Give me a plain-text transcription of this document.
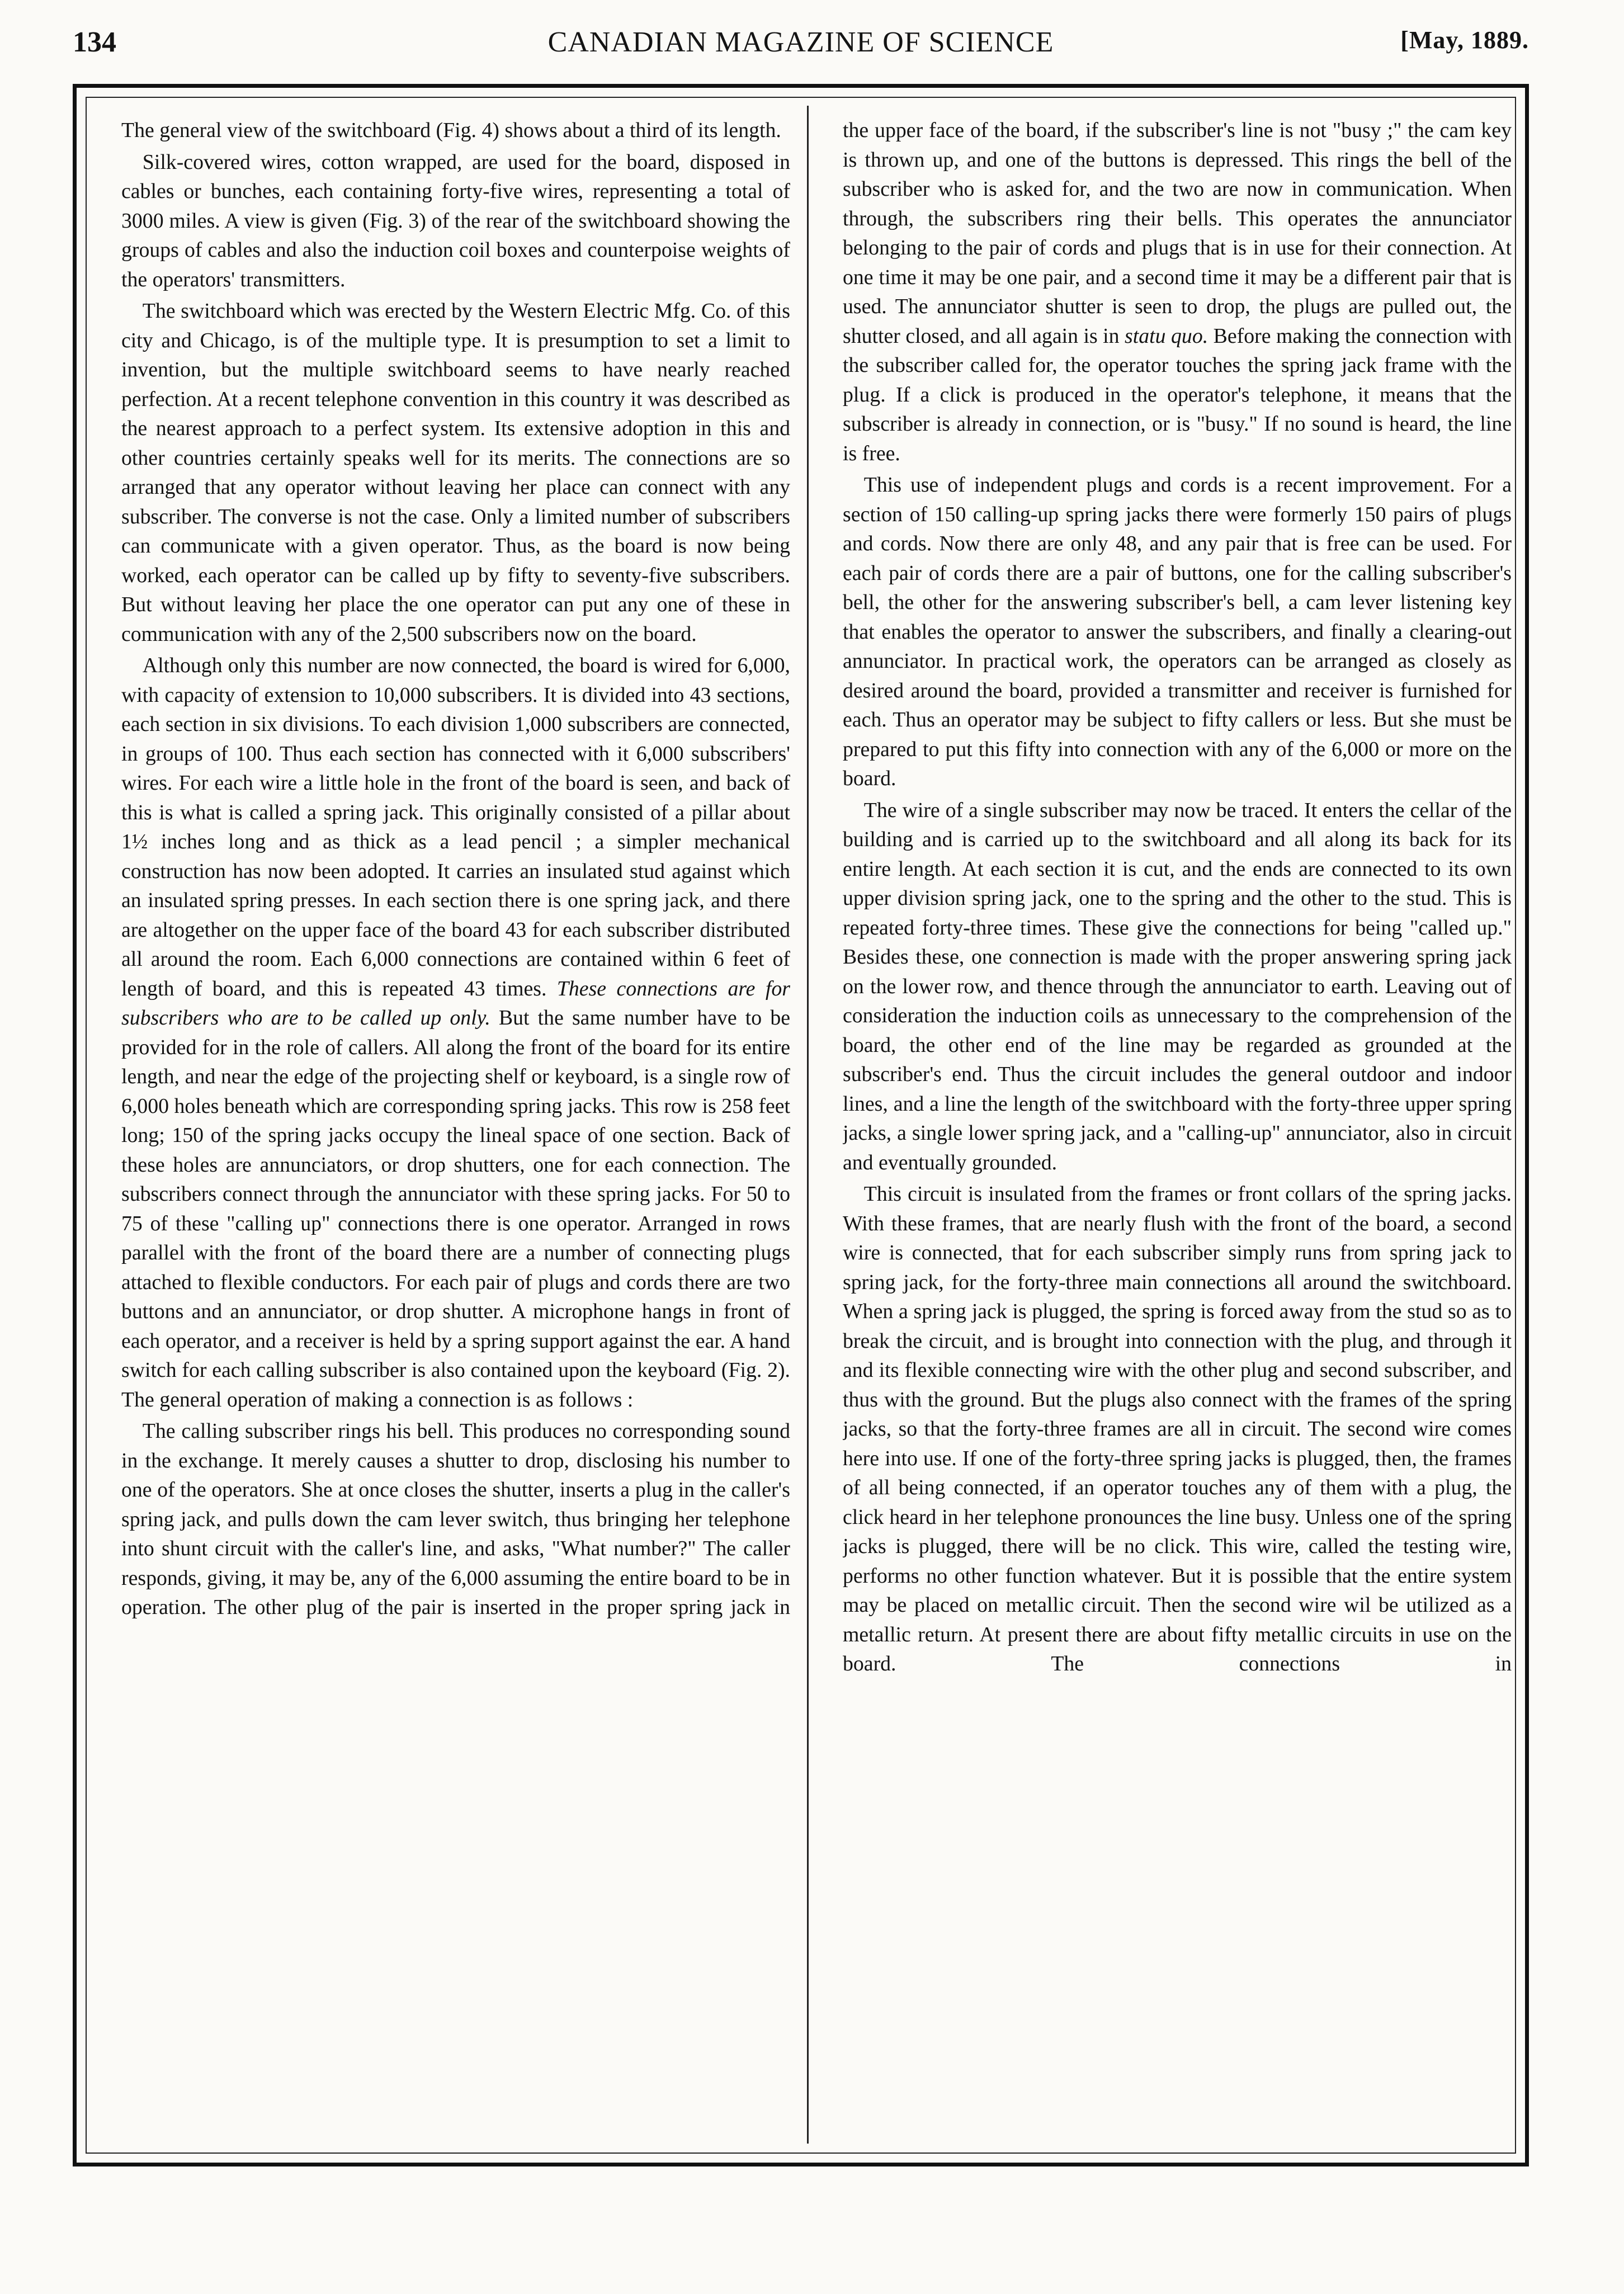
134	CANADIAN MAGAZINE OF SCIENCE	[May, 1889.

The general view of the switchboard (Fig. 4) shows about a third of its length.

Silk-covered wires, cotton wrapped, are used for the board, disposed in cables or bunches, each containing forty-five wires, representing a total of 3000 miles. A view is given (Fig. 3) of the rear of the switchboard showing the groups of cables and also the induction coil boxes and counterpoise weights of the operators' transmitters.

The switchboard which was erected by the Western Electric Mfg. Co. of this city and Chicago, is of the multiple type. It is presumption to set a limit to invention, but the multiple switchboard seems to have nearly reached perfection. At a recent telephone convention in this country it was described as the nearest approach to a perfect system. Its extensive adoption in this and other countries certainly speaks well for its merits. The connections are so arranged that any operator without leaving her place can connect with any subscriber. The converse is not the case. Only a limited number of subscribers can communicate with a given operator. Thus, as the board is now being worked, each operator can be called up by fifty to seventy-five subscribers. But without leaving her place the one operator can put any one of these in communication with any of the 2,500 subscribers now on the board.

Although only this number are now connected, the board is wired for 6,000, with capacity of extension to 10,000 subscribers. It is divided into 43 sections, each section in six divisions. To each division 1,000 subscribers are connected, in groups of 100. Thus each section has connected with it 6,000 subscribers' wires. For each wire a little hole in the front of the board is seen, and back of this is what is called a spring jack. This originally consisted of a pillar about 1½ inches long and as thick as a lead pencil ; a simpler mechanical construction has now been adopted. It carries an insulated stud against which an insulated spring presses. In each section there is one spring jack, and there are altogether on the upper face of the board 43 for each subscriber distributed all around the room. Each 6,000 connections are contained within 6 feet of length of board, and this is repeated 43 times. These connections are for subscribers who are to be called up only. But the same number have to be provided for in the role of callers. All along the front of the board for its entire length, and near the edge of the projecting shelf or keyboard, is a single row of 6,000 holes beneath which are corresponding spring jacks. This row is 258 feet long; 150 of the spring jacks occupy the lineal space of one section. Back of these holes are annunciators, or drop shutters, one for each connection. The subscribers connect through the annunciator with these spring jacks. For 50 to 75 of these "calling up" connections there is one operator. Arranged in rows parallel with the front of the board there are a number of connecting plugs attached to flexible conductors. For each pair of plugs and cords there are two buttons and an annunciator, or drop shutter. A microphone hangs in front of each operator, and a receiver is held by a spring support against the ear. A hand switch for each calling subscriber is also contained upon the keyboard (Fig. 2). The general operation of making a connection is as follows :

The calling subscriber rings his bell. This produces no corresponding sound in the exchange. It merely causes a shutter to drop, disclosing his number to one of the operators. She at once closes the shutter, inserts a plug in the caller's spring jack, and pulls down the cam lever switch, thus bringing her telephone into shunt circuit with the caller's line, and asks, "What number?" The caller responds, giving, it may be, any of the 6,000 assuming the entire board to be in operation. The other plug of the pair is inserted in the proper spring jack in

the upper face of the board, if the subscriber's line is not "busy ;" the cam key is thrown up, and one of the buttons is depressed. This rings the bell of the subscriber who is asked for, and the two are now in communication. When through, the subscribers ring their bells. This operates the annunciator belonging to the pair of cords and plugs that is in use for their connection. At one time it may be one pair, and a second time it may be a different pair that is used. The annunciator shutter is seen to drop, the plugs are pulled out, the shutter closed, and all again is in statu quo. Before making the connection with the subscriber called for, the operator touches the spring jack frame with the plug. If a click is produced in the operator's telephone, it means that the subscriber is already in connection, or is "busy." If no sound is heard, the line is free.

This use of independent plugs and cords is a recent improvement. For a section of 150 calling-up spring jacks there were formerly 150 pairs of plugs and cords. Now there are only 48, and any pair that is free can be used. For each pair of cords there are a pair of buttons, one for the calling subscriber's bell, the other for the answering subscriber's bell, a cam lever listening key that enables the operator to answer the subscribers, and finally a clearing-out annunciator. In practical work, the operators can be arranged as closely as desired around the board, provided a transmitter and receiver is furnished for each. Thus an operator may be subject to fifty callers or less. But she must be prepared to put this fifty into connection with any of the 6,000 or more on the board.

The wire of a single subscriber may now be traced. It enters the cellar of the building and is carried up to the switchboard and all along its back for its entire length. At each section it is cut, and the ends are connected to its own upper division spring jack, one to the spring and the other to the stud. This is repeated forty-three times. These give the connections for being "called up." Besides these, one connection is made with the proper answering spring jack on the lower row, and thence through the annunciator to earth. Leaving out of consideration the induction coils as unnecessary to the comprehension of the board, the other end of the line may be regarded as grounded at the subscriber's end. Thus the circuit includes the general outdoor and indoor lines, and a line the length of the switchboard with the forty-three upper spring jacks, a single lower spring jack, and a "calling-up" annunciator, also in circuit and eventually grounded.

This circuit is insulated from the frames or front collars of the spring jacks. With these frames, that are nearly flush with the front of the board, a second wire is connected, that for each subscriber simply runs from spring jack to spring jack, for the forty-three main connections all around the switchboard. When a spring jack is plugged, the spring is forced away from the stud so as to break the circuit, and is brought into connection with the plug, and through it and its flexible connecting wire with the other plug and second subscriber, and thus with the ground. But the plugs also connect with the frames of the spring jacks, so that the forty-three frames are all in circuit. The second wire comes here into use. If one of the forty-three spring jacks is plugged, then, the frames of all being connected, if an operator touches any of them with a plug, the click heard in her telephone pronounces the line busy. Unless one of the spring jacks is plugged, there will be no click. This wire, called the testing wire, performs no other function whatever. But it is possible that the entire system may be placed on metallic circuit. Then the second wire wil be utilized as a metallic return. At present there are about fifty metallic circuits in use on the board. The connections in
